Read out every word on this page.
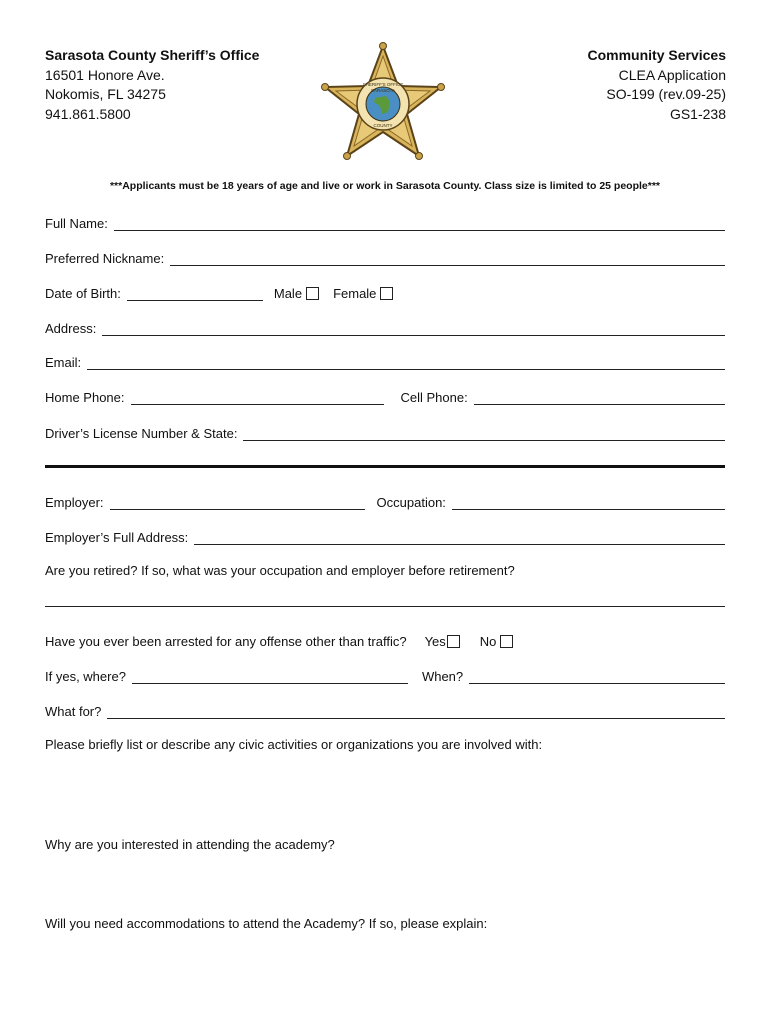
Sarasota County Sheriff’s Office
16501 Honore Ave.
Nokomis, FL 34275
941.861.5800
SHERIFF'S OFFICE
SARASOTA
COUNTY
Community Services
CLEA Application
SO-199 (rev.09-25)
GS1-238
***Applicants must be 18 years of age and live or work in Sarasota County. Class size is limited to 25 people***
Full Name:
Preferred Nickname:
Date of Birth:	Male Female
Address:
Email:
Home Phone:	Cell Phone:
Driver’s License Number & State:
Employer:	Occupation:
Employer’s Full Address:
Are you retired? If so, what was your occupation and employer before retirement?
Have you ever been arrested for any offense other than traffic?	Yes	No
If yes, where?	When?
What for?
Please briefly list or describe any civic activities or organizations you are involved with:
Why are you interested in attending the academy?
Will you need accommodations to attend the Academy? If so, please explain:
